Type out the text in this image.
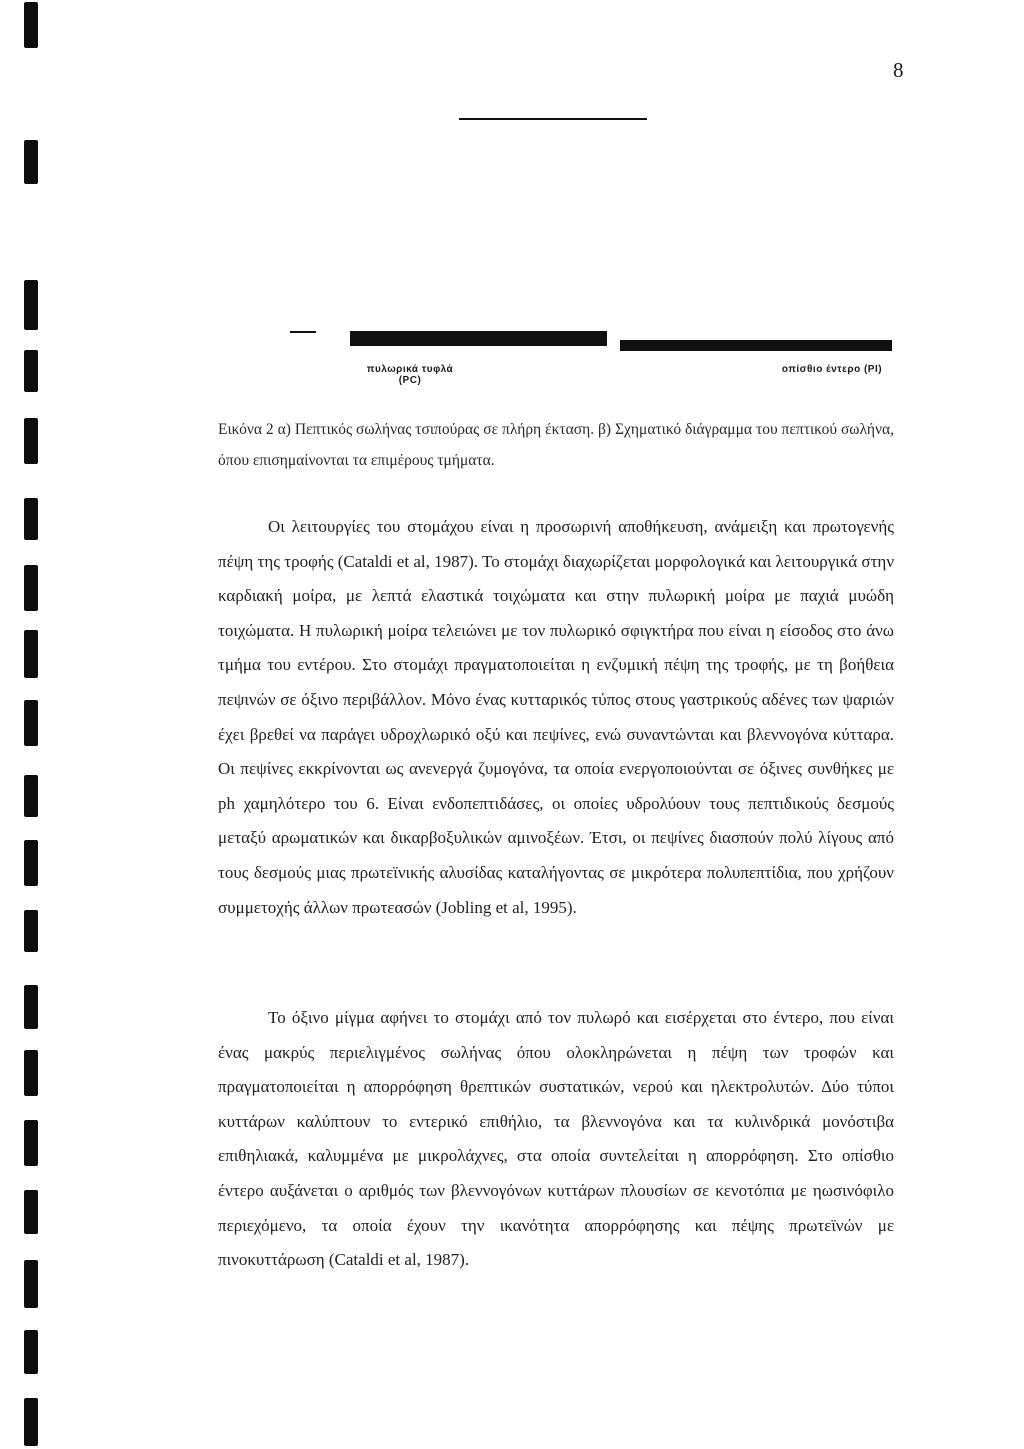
8
πυλωρικά τυφλά
(PC)
οπίσθιο έντερο (PI)
Εικόνα 2 α) Πεπτικός σωλήνας τσιπούρας σε πλήρη έκταση. β) Σχηματικό διάγραμμα του πεπτικού σωλήνα, όπου επισημαίνονται τα επιμέρους τμήματα.
Οι λειτουργίες του στομάχου είναι η προσωρινή αποθήκευση, ανάμειξη και πρωτογενής πέψη της τροφής (Cataldi et al, 1987). Το στομάχι διαχωρίζεται μορφολογικά και λειτουργικά στην καρδιακή μοίρα, με λεπτά ελαστικά τοιχώματα και στην πυλωρική μοίρα με παχιά μυώδη τοιχώματα. Η πυλωρική μοίρα τελειώνει με τον πυλωρικό σφιγκτήρα που είναι η είσοδος στο άνω τμήμα του εντέρου. Στο στομάχι πραγματοποιείται η ενζυμική πέψη της τροφής, με τη βοήθεια πεψινών σε όξινο περιβάλλον. Μόνο ένας κυτταρικός τύπος στους γαστρικούς αδένες των ψαριών έχει βρεθεί να παράγει υδροχλωρικό οξύ και πεψίνες, ενώ συναντώνται και βλεννογόνα κύτταρα. Οι πεψίνες εκκρίνονται ως ανενεργά ζυμογόνα, τα οποία ενεργοποιούνται σε όξινες συνθήκες με ph χαμηλότερο του 6. Είναι ενδοπεπτιδάσες, οι οποίες υδρολύουν τους πεπτιδικούς δεσμούς μεταξύ αρωματικών και δικαρβοξυλικών αμινοξέων. Έτσι, οι πεψίνες διασπούν πολύ λίγους από τους δεσμούς μιας πρωτεϊνικής αλυσίδας καταλήγοντας σε μικρότερα πολυπεπτίδια, που χρήζουν συμμετοχής άλλων πρωτεασών (Jobling et al, 1995).
Το όξινο μίγμα αφήνει το στομάχι από τον πυλωρό και εισέρχεται στο έντερο, που είναι ένας μακρύς περιελιγμένος σωλήνας όπου ολοκληρώνεται η πέψη των τροφών και πραγματοποιείται η απορρόφηση θρεπτικών συστατικών, νερού και ηλεκτρολυτών. Δύο τύποι κυττάρων καλύπτουν το εντερικό επιθήλιο, τα βλεννογόνα και τα κυλινδρικά μονόστιβα επιθηλιακά, καλυμμένα με μικρολάχνες, στα οποία συντελείται η απορρόφηση. Στο οπίσθιο έντερο αυξάνεται ο αριθμός των βλεννογόνων κυττάρων πλουσίων σε κενοτόπια με ηωσινόφιλο περιεχόμενο, τα οποία έχουν την ικανότητα απορρόφησης και πέψης πρωτεϊνών με πινοκυττάρωση (Cataldi et al, 1987).
